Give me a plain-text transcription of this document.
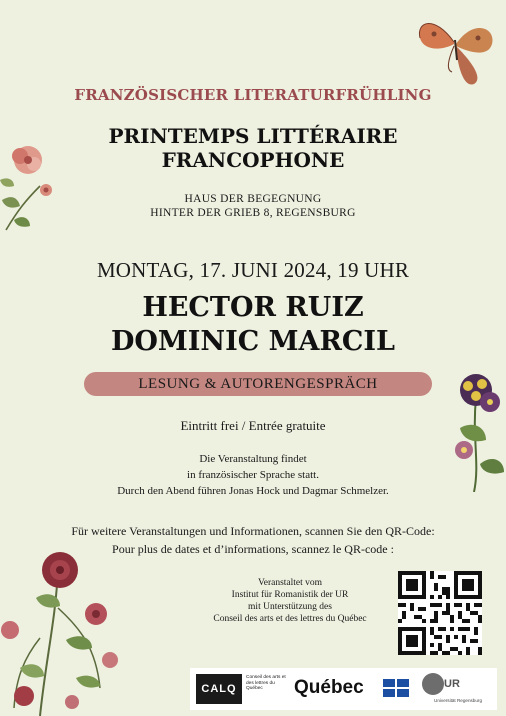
FRANZÖSISCHER LITERATURFRÜHLING
PRINTEMPS LITTÉRAIRE
FRANCOPHONE
HAUS DER BEGEGNUNG
HINTER DER GRIEB 8, REGENSBURG
MONTAG, 17. JUNI 2024, 19 UHR
HECTOR RUIZ
DOMINIC MARCIL
LESUNG & AUTORENGESPRÄCH
Eintritt frei / Entrée gratuite
Die Veranstaltung findet
in französischer Sprache statt.
Durch den Abend führen Jonas Hock und Dagmar Schmelzer.
Für weitere Veranstaltungen und Informationen, scannen Sie den QR-Code:
Pour plus de dates et d’informations, scannez le QR-code :
Veranstaltet vom
Institut für Romanistik der UR
mit Unterstützung des
Conseil des arts et des lettres du Québec
CALQ
Conseil des arts et des lettres du Québec	Québec	UR
Universität Regensburg
